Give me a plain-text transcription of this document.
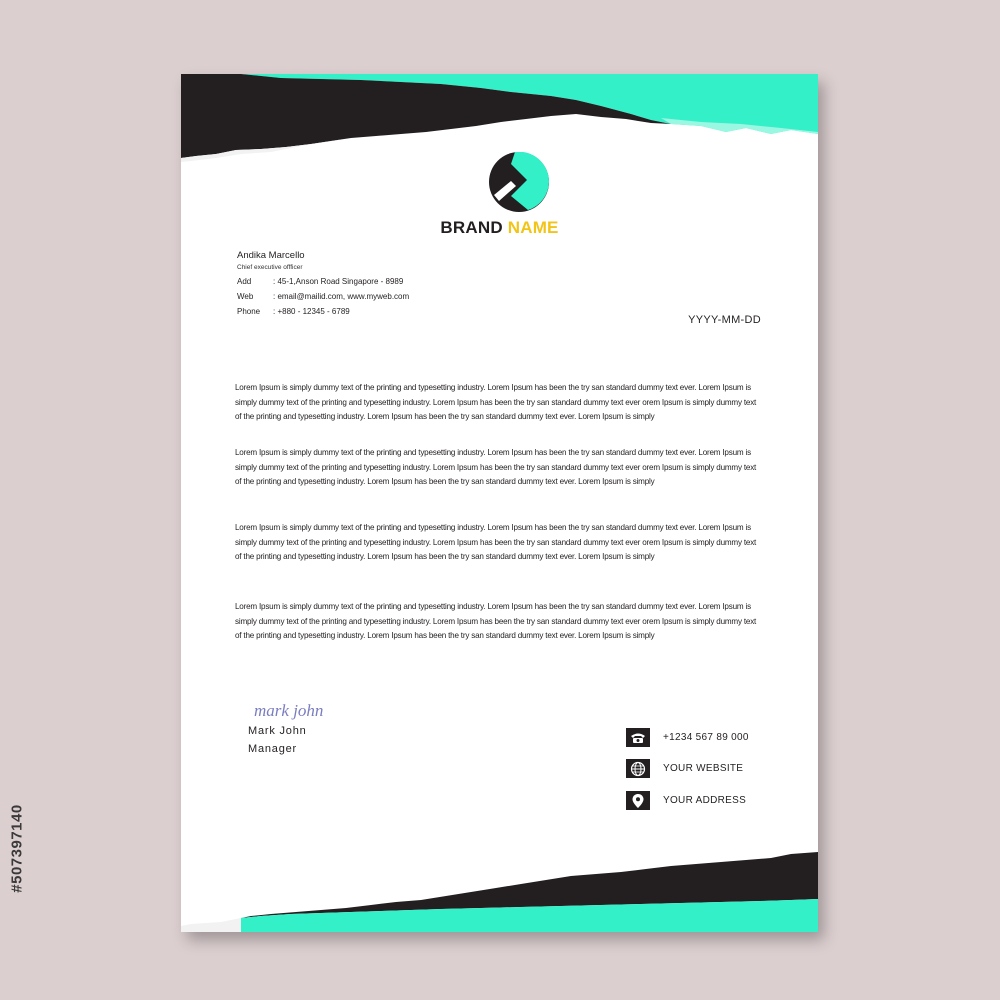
BRAND NAME
Andika Marcello
Chief executive offficer
Add	: 45-1,Anson Road Singapore - 8989
Web	: email@mailid.com, www.myweb.com
Phone	: +880 - 12345 - 6789
YYYY-MM-DD

Lorem Ipsum is simply dummy text of the printing and typesetting industry. Lorem Ipsum has been the try san standard dummy text ever. Lorem Ipsum is simply dummy text of the printing and typesetting industry. Lorem Ipsum has been the try san standard dummy text ever orem Ipsum is simply dummy text of the printing and typesetting industry. Lorem Ipsum has been the try san standard dummy text ever. Lorem Ipsum is simply

Lorem Ipsum is simply dummy text of the printing and typesetting industry. Lorem Ipsum has been the try san standard dummy text ever. Lorem Ipsum is simply dummy text of the printing and typesetting industry. Lorem Ipsum has been the try san standard dummy text ever orem Ipsum is simply dummy text of the printing and typesetting industry. Lorem Ipsum has been the try san standard dummy text ever. Lorem Ipsum is simply

Lorem Ipsum is simply dummy text of the printing and typesetting industry. Lorem Ipsum has been the try san standard dummy text ever. Lorem Ipsum is simply dummy text of the printing and typesetting industry. Lorem Ipsum has been the try san standard dummy text ever orem Ipsum is simply dummy text of the printing and typesetting industry. Lorem Ipsum has been the try san standard dummy text ever. Lorem Ipsum is simply

Lorem Ipsum is simply dummy text of the printing and typesetting industry. Lorem Ipsum has been the try san standard dummy text ever. Lorem Ipsum is simply dummy text of the printing and typesetting industry. Lorem Ipsum has been the try san standard dummy text ever orem Ipsum is simply dummy text of the printing and typesetting industry. Lorem Ipsum has been the try san standard dummy text ever. Lorem Ipsum is simply

mark john
Mark John
Manager
+1234 567 89 000
YOUR WEBSITE
YOUR ADDRESS
#507397140
